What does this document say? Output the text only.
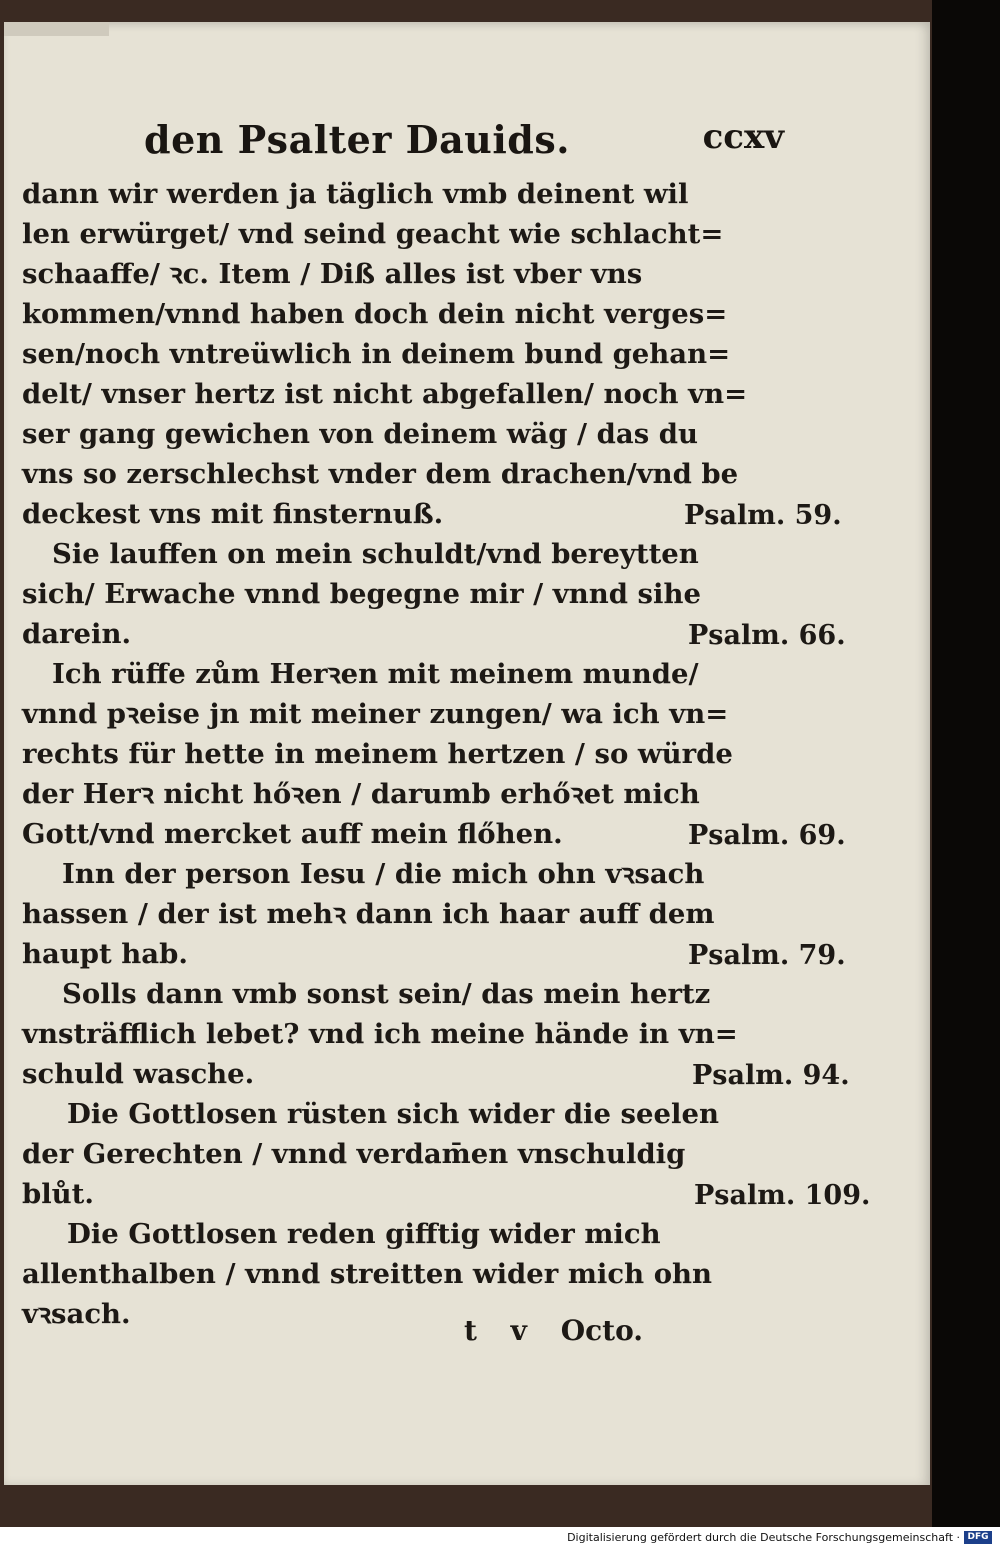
den Psalter Dauids.	ccxv
dann wir werden ja täglich vmb deinent wil
len erwürget/ vnd seind geacht wie schlacht=
schaaffe/ ꝛc. Item / Diß alles ist vber vns
kommen/vnnd haben doch dein nicht verges=
sen/noch vntreüwlich in deinem bund gehan=
delt/ vnser hertz ist nicht abgefallen/ noch vn=
ser gang gewichen von deinem wäg / das du
vns so zerschlechst vnder dem drachen/vnd be
deckest vns mit finsternuß.
Sie lauffen on mein schuldt/vnd bereytten
sich/ Erwache vnnd begegne mir / vnnd sihe
darein.
Ich rüffe zům Herꝛen mit meinem munde/
vnnd pꝛeise jn mit meiner zungen/ wa ich vn=
rechts für hette in meinem hertzen / so würde
der Herꝛ nicht hőꝛen / darumb erhőꝛet mich
Gott/vnd mercket auff mein flőhen.
Inn der person Iesu / die mich ohn vꝛsach
hassen / der ist mehꝛ dann ich haar auff dem
haupt hab.
Solls dann vmb sonst sein/ das mein hertz
vnsträfflich lebet? vnd ich meine hände in vn=
schuld wasche.
Die Gottlosen rüsten sich wider die seelen
der Gerechten / vnnd verdam̄en vnschuldig
blůt.
Die Gottlosen reden gifftig wider mich
allenthalben / vnnd streitten wider mich ohn
vꝛsach.
Psalm. 59.
Psalm. 66.
Psalm. 69.
Psalm. 79.
Psalm. 94.
Psalm. 109.
t v Octo.
Digitalisierung gefördert durch die Deutsche Forschungsgemeinschaft · DFG
